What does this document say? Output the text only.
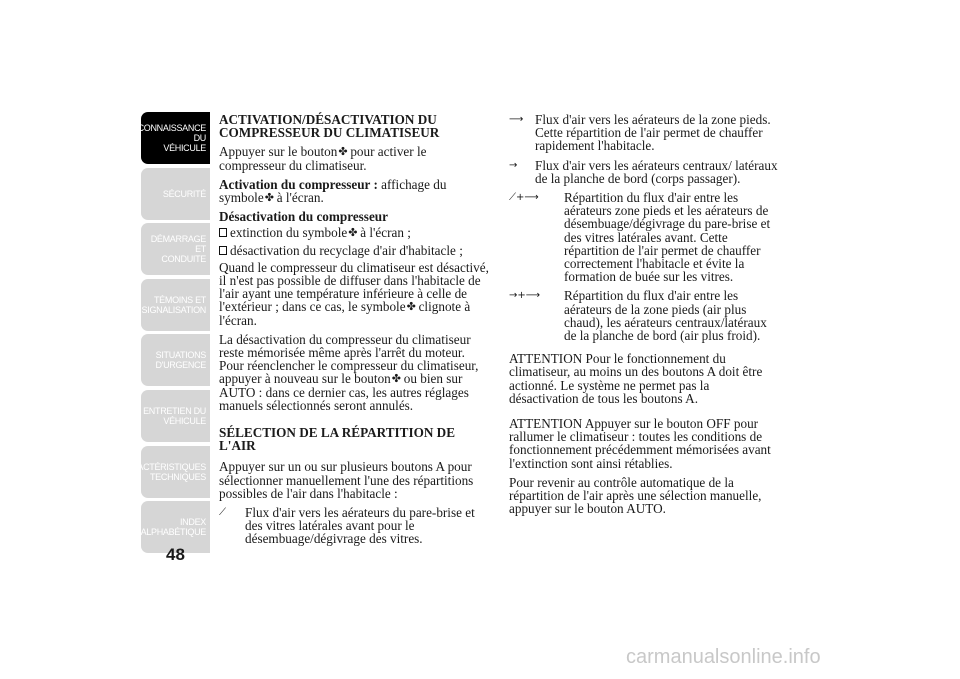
CONNAISSANCE DU
VÉHICULE
SÉCURITÉ
DÉMARRAGE ET
CONDUITE
TÉMOINS ET
SIGNALISATION
SITUATIONS
D'URGENCE
ENTRETIEN DU
VÉHICULE
CARACTÉRISTIQUES
TECHNIQUES
INDEX
ALPHABÉTIQUE
48

ACTIVATION/DÉSACTIVATION DU COMPRESSEUR DU CLIMATISEUR

Appuyer sur le bouton ✤ pour activer le compresseur du climatiseur.

Activation du compresseur : affichage du symbole ✤ à l'écran.

Désactivation du compresseur

extinction du symbole ✤ à l'écran ;
désactivation du recyclage d'air d'habitacle ;

Quand le compresseur du climatiseur est désactivé, il n'est pas possible de diffuser dans l'habitacle de l'air ayant une température inférieure à celle de l'extérieur ; dans ce cas, le symbole ✤ clignote à l'écran.

La désactivation du compresseur du climatiseur reste mémorisée même après l'arrêt du moteur. Pour réenclencher le compresseur du climatiseur, appuyer à nouveau sur le bouton ✤ ou bien sur AUTO : dans ce dernier cas, les autres réglages manuels sélectionnés seront annulés.

SÉLECTION DE LA RÉPARTITION DE L'AIR

Appuyer sur un ou sur plusieurs boutons A pour sélectionner manuellement l'une des répartitions possibles de l'air dans l'habitacle :

⟋	Flux d'air vers les aérateurs du pare-brise et des vitres latérales avant pour le désembuage/dégivrage des vitres.
⟶ Flux d'air vers les aérateurs de la zone pieds. Cette répartition de l'air permet de chauffer rapidement l'habitacle.
→	Flux d'air vers les aérateurs centraux/ latéraux de la planche de bord (corps passager).
⟋+⟶	Répartition du flux d'air entre les aérateurs zone pieds et les aérateurs de désembuage/dégivrage du pare-brise et des vitres latérales avant. Cette répartition de l'air permet de chauffer correctement l'habitacle et évite la formation de buée sur les vitres.
→+⟶	Répartition du flux d'air entre les aérateurs de la zone pieds (air plus chaud), les aérateurs centraux/latéraux de la planche de bord (air plus froid).

ATTENTION Pour le fonctionnement du climatiseur, au moins un des boutons A doit être actionné. Le système ne permet pas la désactivation de tous les boutons A.

ATTENTION Appuyer sur le bouton OFF pour rallumer le climatiseur : toutes les conditions de fonctionnement précédemment mémorisées avant l'extinction sont ainsi rétablies.

Pour revenir au contrôle automatique de la répartition de l'air après une sélection manuelle, appuyer sur le bouton AUTO.

carmanualsonline.info
